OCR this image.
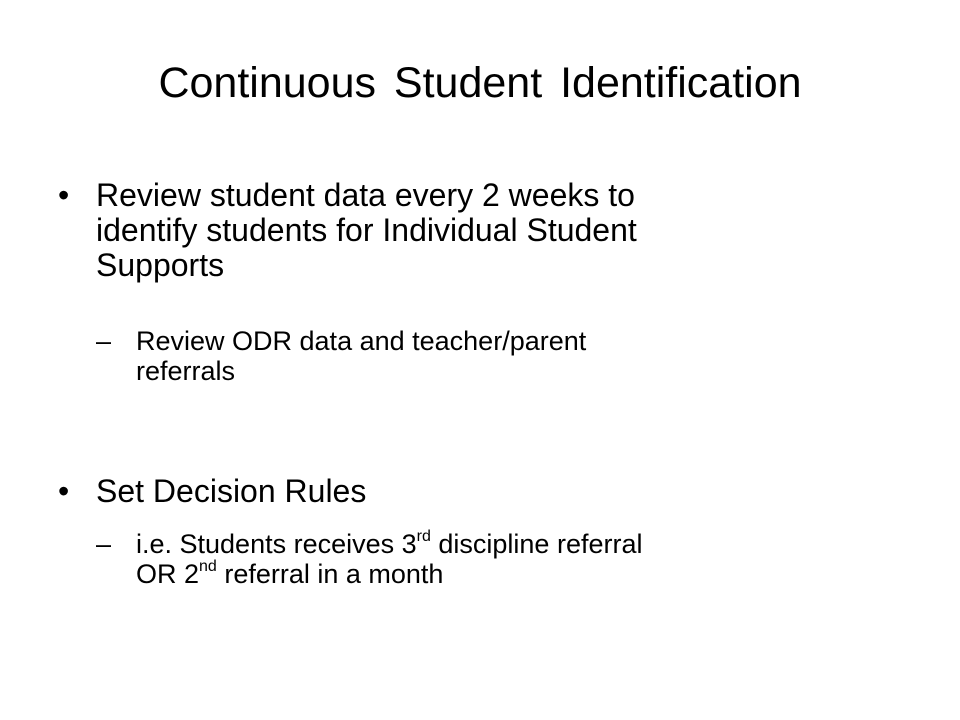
Continuous Student Identification
• Review student data every 2 weeks to
identify students for Individual Student
Supports
– Review ODR data and teacher/parent
referrals
• Set Decision Rules
– i.e. Students receives 3rd discipline referral
OR 2nd referral in a month
